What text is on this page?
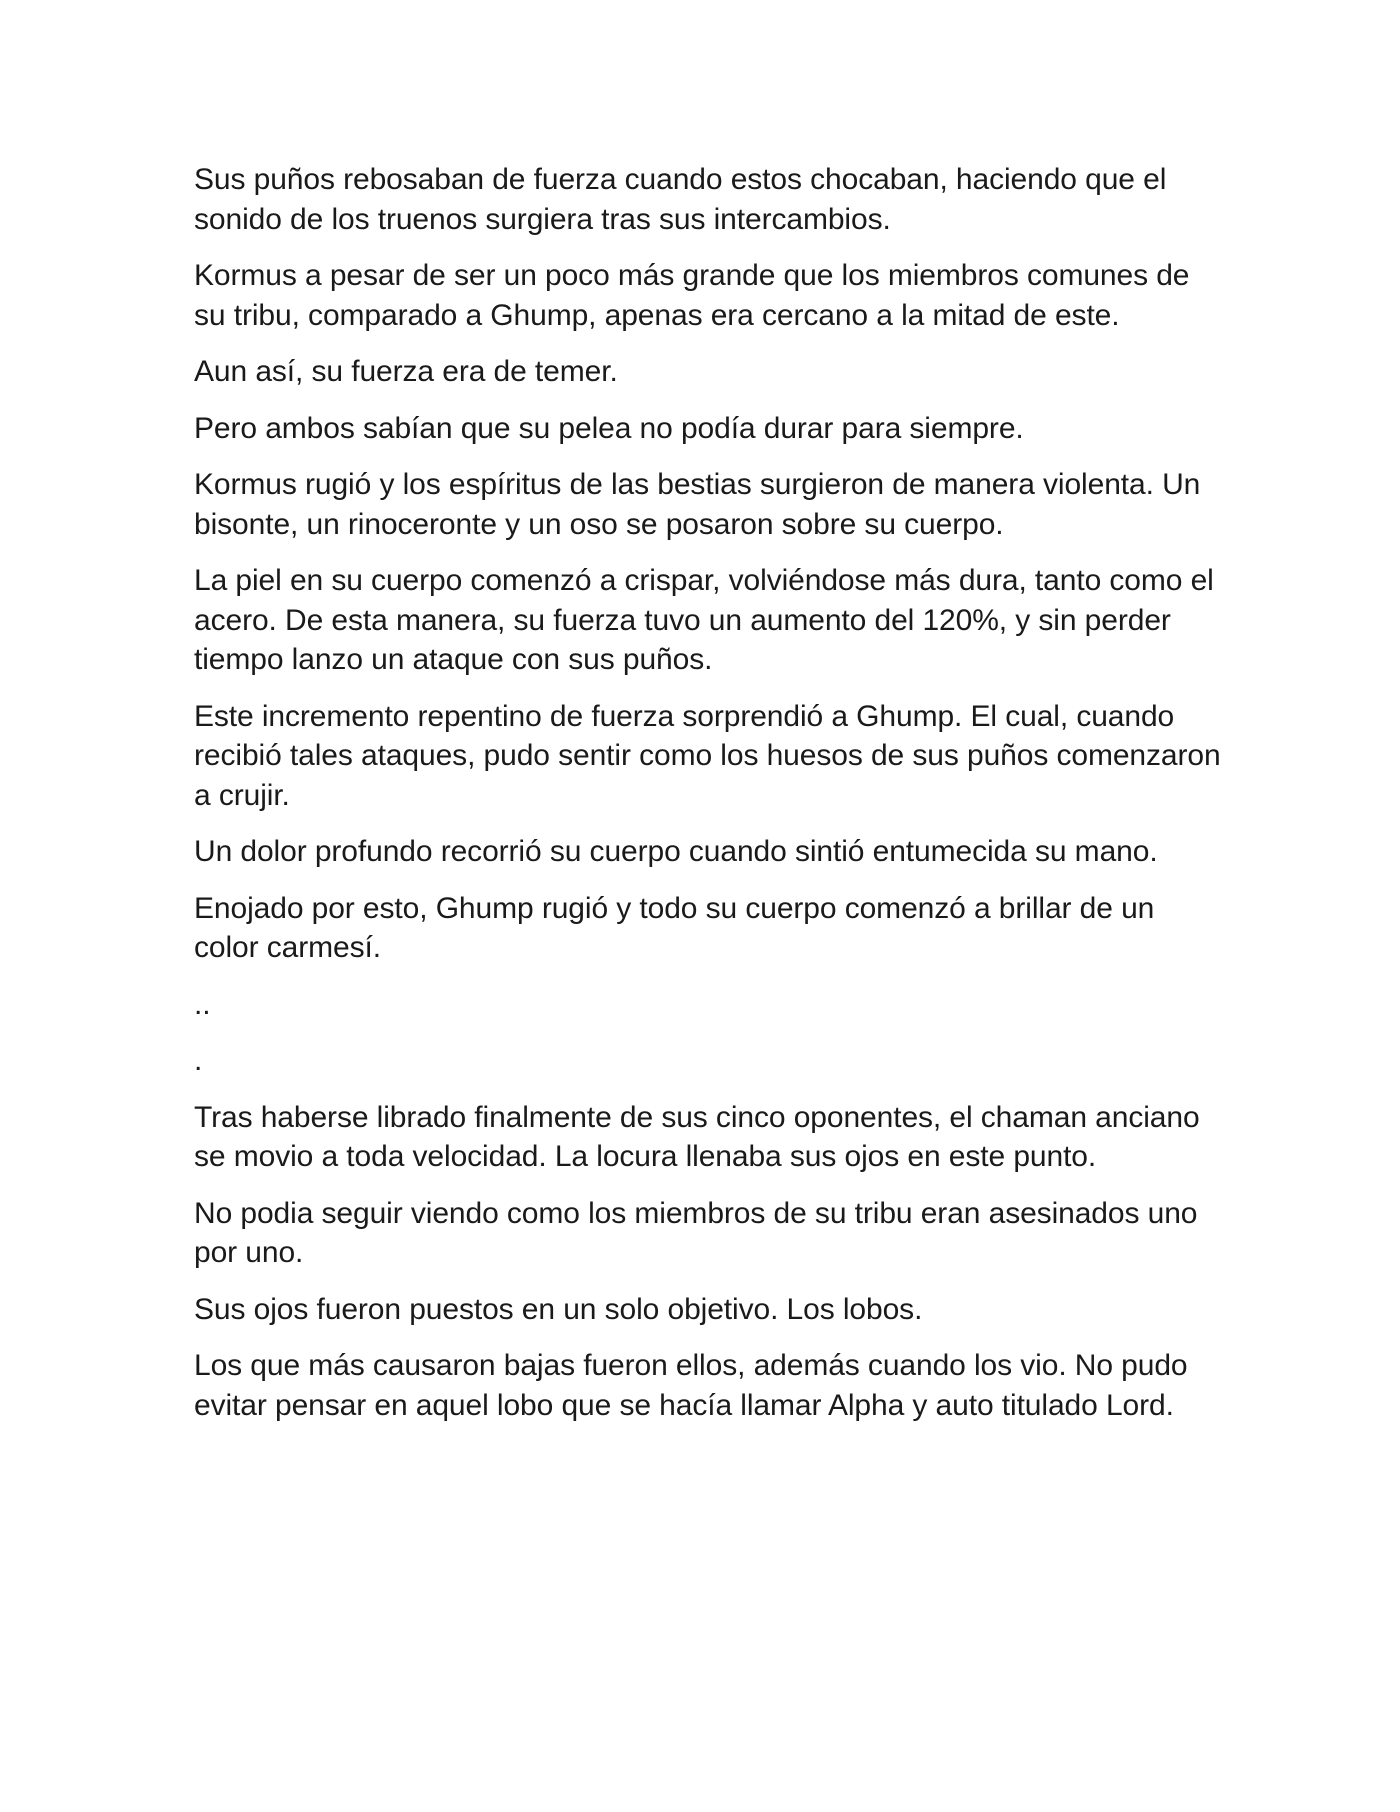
Sus puños rebosaban de fuerza cuando estos chocaban, haciendo que el sonido de los truenos surgiera tras sus intercambios.

Kormus a pesar de ser un poco más grande que los miembros comunes de su tribu, comparado a Ghump, apenas era cercano a la mitad de este.

Aun así, su fuerza era de temer.

Pero ambos sabían que su pelea no podía durar para siempre.

Kormus rugió y los espíritus de las bestias surgieron de manera violenta. Un bisonte, un rinoceronte y un oso se posaron sobre su cuerpo.

La piel en su cuerpo comenzó a crispar, volviéndose más dura, tanto como el acero. De esta manera, su fuerza tuvo un aumento del 120%, y sin perder tiempo lanzo un ataque con sus puños.

Este incremento repentino de fuerza sorprendió a Ghump. El cual, cuando recibió tales ataques, pudo sentir como los huesos de sus puños comenzaron a crujir.

Un dolor profundo recorrió su cuerpo cuando sintió entumecida su mano.

Enojado por esto, Ghump rugió y todo su cuerpo comenzó a brillar de un color carmesí.

..

.

Tras haberse librado finalmente de sus cinco oponentes, el chaman anciano se movio a toda velocidad. La locura llenaba sus ojos en este punto.

No podia seguir viendo como los miembros de su tribu eran asesinados uno por uno.

Sus ojos fueron puestos en un solo objetivo. Los lobos.

Los que más causaron bajas fueron ellos, además cuando los vio. No pudo evitar pensar en aquel lobo que se hacía llamar Alpha y auto titulado Lord.
